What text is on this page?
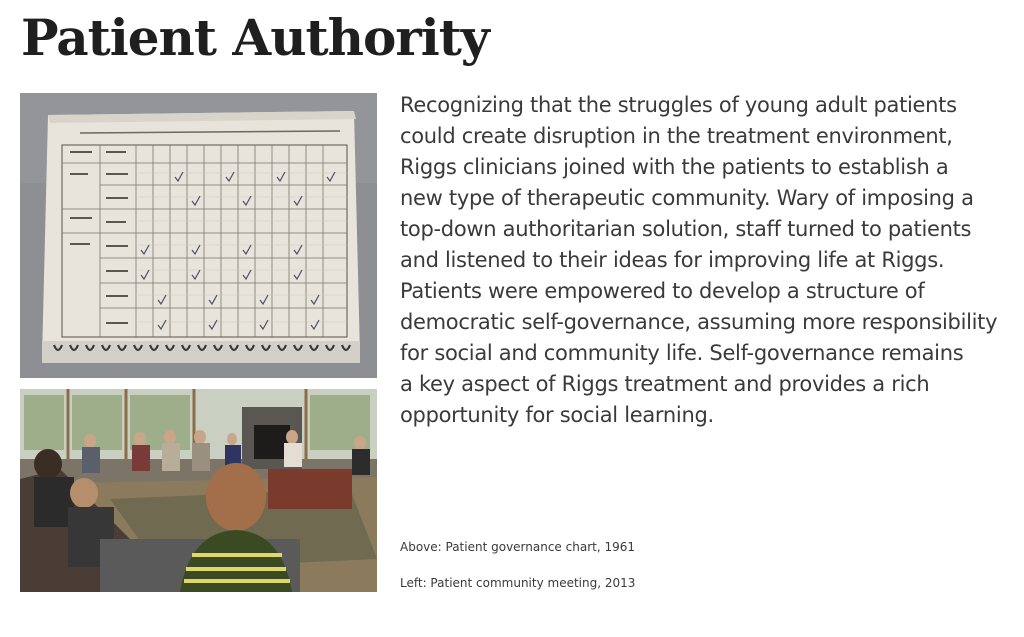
Patient Authority

Recognizing that the struggles of young adult patients
could create disruption in the treatment environment,
Riggs clinicians joined with the patients to establish a
new type of therapeutic community. Wary of imposing a
top-down authoritarian solution, staff turned to patients
and listened to their ideas for improving life at Riggs.
Patients were empowered to develop a structure of
democratic self-governance, assuming more responsibility
for social and community life. Self-governance remains
a key aspect of Riggs treatment and provides a rich
opportunity for social learning.

Above: Patient governance chart, 1961

Left: Patient community meeting, 2013
